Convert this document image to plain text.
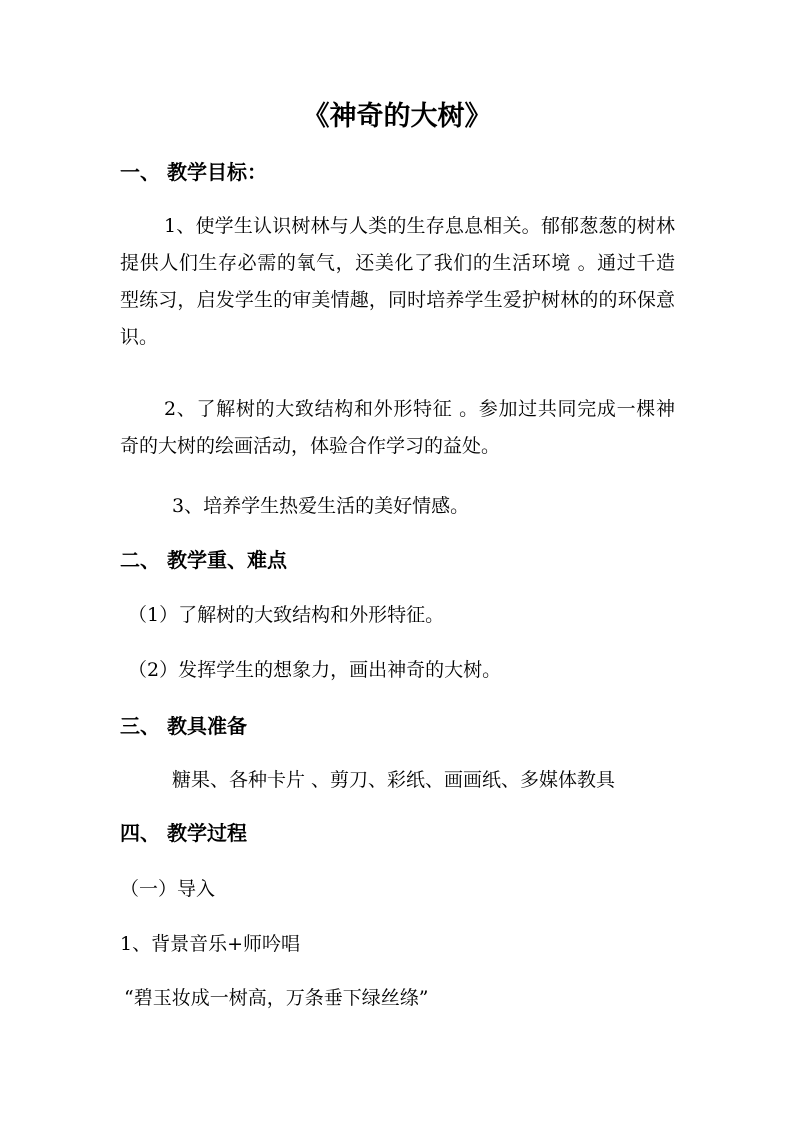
《神奇的大树》
一、 教学目标：
1、使学生认识树林与人类的生存息息相关。郁郁葱葱的树林提供人们生存必需的氧气，还美化了我们的生活环境 。通过千造型练习，启发学生的审美情趣，同时培养学生爱护树林的的环保意识。
2、了解树的大致结构和外形特征 。参加过共同完成一棵神奇的大树的绘画活动，体验合作学习的益处。
3、培养学生热爱生活的美好情感。
二、 教学重、难点
（1）了解树的大致结构和外形特征。
（2）发挥学生的想象力，画出神奇的大树。
三、 教具准备
糖果、各种卡片 、剪刀、彩纸、画画纸、多媒体教具
四、 教学过程
（一）导入
1、背景音乐+师吟唱
“碧玉妆成一树高，万条垂下绿丝绦”
